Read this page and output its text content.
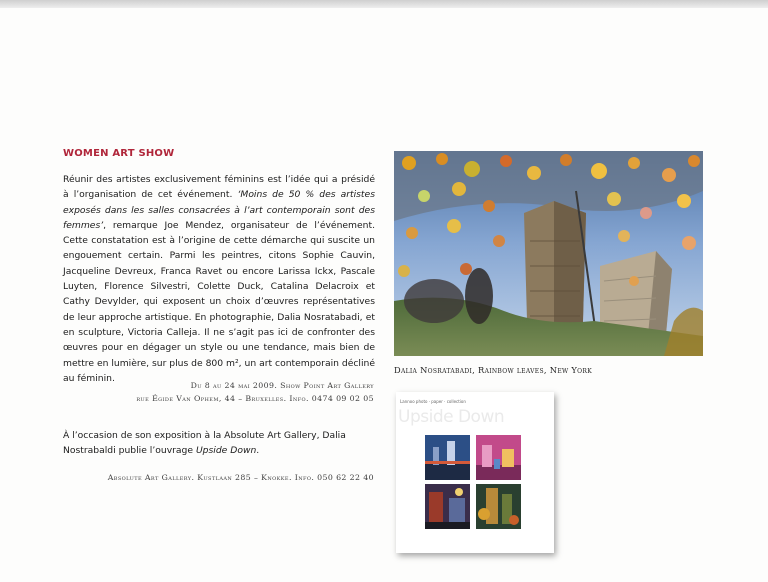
WOMEN ART SHOW

Réunir des artistes exclusivement féminins est l’idée qui a présidé à l’organisation de cet événement. ‘Moins de 50 % des artistes exposés dans les salles consacrées à l’art contemporain sont des femmes’, remarque Joe Mendez, organisateur de l’événement. Cette constatation est à l’origine de cette démarche qui suscite un engouement certain. Parmi les peintres, citons Sophie Cauvin, Jacqueline Devreux, Franca Ravet ou encore Larissa Ickx, Pascale Luyten, Florence Silvestri, Colette Duck, Catalina Delacroix et Cathy Devylder, qui exposent un choix d’œuvres représentatives de leur approche artistique. En photographie, Dalia Nosratabadi, et en sculpture, Victoria Calleja. Il ne s’agit pas ici de confronter des œuvres pour en dégager un style ou une tendance, mais bien de mettre en lumière, sur plus de 800 m², un art contemporain décliné au féminin.

Du 8 au 24 mai 2009. Show Point Art Gallery
rue Égide Van Ophem, 44 – Bruxelles. Info. 0474 09 02 05

À l’occasion de son exposition à la Absolute Art Gallery, Dalia Nostrabaldi publie l’ouvrage Upside Down.

Absolute Art Gallery. Kustlaan 285 – Knokke. Info. 050 62 22 40
Dalia Nosratabadi, Rainbow leaves, New York
Lannoo photo · paper · collection
Upside Down
